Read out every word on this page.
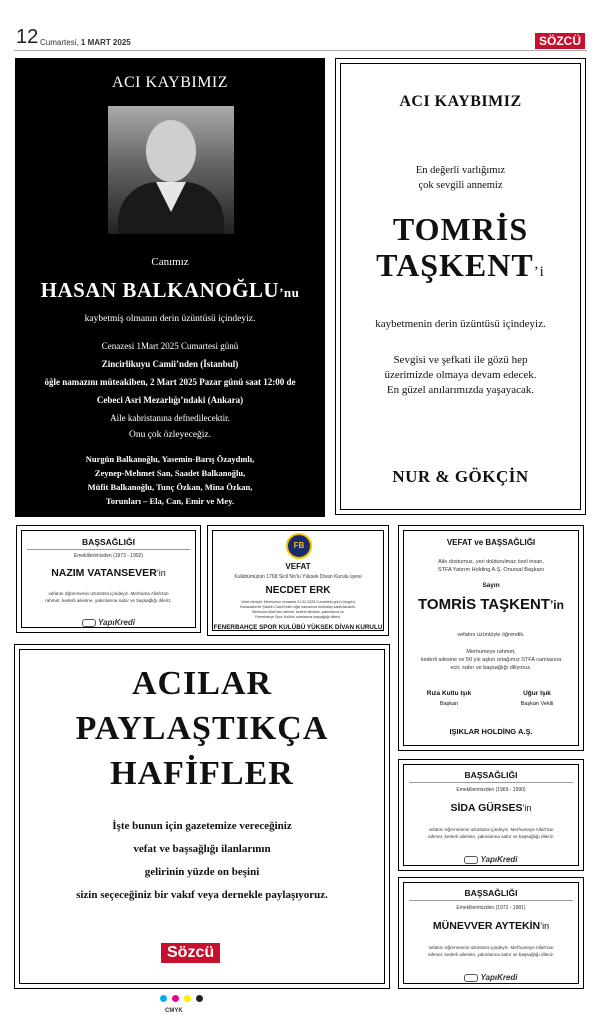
12 Cumartesi, 1 MART 2025	SÖZCÜ
ACI KAYBIMIZ
Canımız
HASAN BALKANOĞLU’nu
kaybetmiş olmanın derin üzüntüsü içindeyiz.
Cenazesi 1Mart 2025 Cumartesi günü
Zincirlikuyu Camii’nden (İstanbul)
öğle namazını müteakiben, 2 Mart 2025 Pazar günü saat 12:00 de
Cebeci Asri Mezarlığı’ndaki (Ankara)
Aile kabristanına defnedilecektir.
Onu çok özleyeceğiz.
Nurgün Balkanoğlu, Yasemin-Barış Özaydınlı,
Zeynep-Mehmet San, Saadet Balkanoğlu,
Müfit Balkanoğlu, Tunç Özkan, Mina Özkan,
Torunları – Ela, Can, Emir ve Mey.
ACI KAYBIMIZ
En değerli varlığımız
çok sevgili annemiz
TOMRİS
TAŞKENT’i
kaybetmenin derin üzüntüsü içindeyiz.
Sevgisi ve şefkati ile gözü hep
üzerimizde olmaya devam edecek.
En güzel anılarımızda yaşayacak.
NUR & GÖKÇİN
BAŞSAĞLIĞI
Emeklilerimizden (1973 - 1992)
NAZIM VATANSEVER’in
vefatını öğrenmenin üzüntüsü içindeyiz. Merhuma Allah’tan
rahmet, kederli ailesine, yakınlarına sabır ve başsağlığı dileriz.
YapıKredi
FB
VEFAT
Kulübümüzün 1768 Sicil No’lu Yüksek Divan Kurulu üyesi
NECDET ERK
Vefat etmiştir. Merhumun cenazesi 01.03.2025 Cumartesi günü (bugün)
Karacaahmet Şakirin Camii’nden öğle namazına müteakip kaldırılacaktır.
Merhuma Allah’tan rahmet, kederli ailesine, yakınlarına ve
Fenerbahçe Spor Kulübü camiasına başsağlığı dileriz.
FENERBAHÇE SPOR KULÜBÜ YÜKSEK DİVAN KURULU
VEFAT ve BAŞSAĞLIĞI
Aile dostumuz, yeri doldurulmaz özel insan,
STFA Yatırım Holding A.Ş. Onursal Başkanı
Sayın
TOMRİS TAŞKENT’in
vefatını üzüntüyle öğrendik.
Merhumeye rahmet,
kederli ailesine ve 50 yılı aşkın ortağımız STFA camiasına
ecir, sabır ve başsağlığı diliyoruz.
Rıza Kutlu Işık
Başkan
Uğur Işık
Başkan Vekili
IŞIKLAR HOLDİNG A.Ş.
ACILAR
PAYLAŞTIKÇA
HAFİFLER
İşte bunun için gazetemize vereceğiniz
vefat ve başsağlığı ilanlarının
gelirinin yüzde on beşini
sizin seçeceğiniz bir vakıf veya dernekle paylaşıyoruz.
Sözcü
BAŞSAĞLIĞI
Emeklilerimizden (1969 - 1990)
SİDA GÜRSES’in
vefatını öğrenmenin üzüntüsü içindeyiz. Merhumeye Allah’tan
rahmet, kederli ailesine, yakınlarına sabır ve başsağlığı dileriz.
YapıKredi
BAŞSAĞLIĞI
Emeklilerimizden (1972 - 1981)
MÜNEVVER AYTEKİN’in
vefatını öğrenmenin üzüntüsü içindeyiz. Merhumeye Allah’tan
rahmet, kederli ailesine, yakınlarına sabır ve başsağlığı dileriz.
YapıKredi
CMYK
